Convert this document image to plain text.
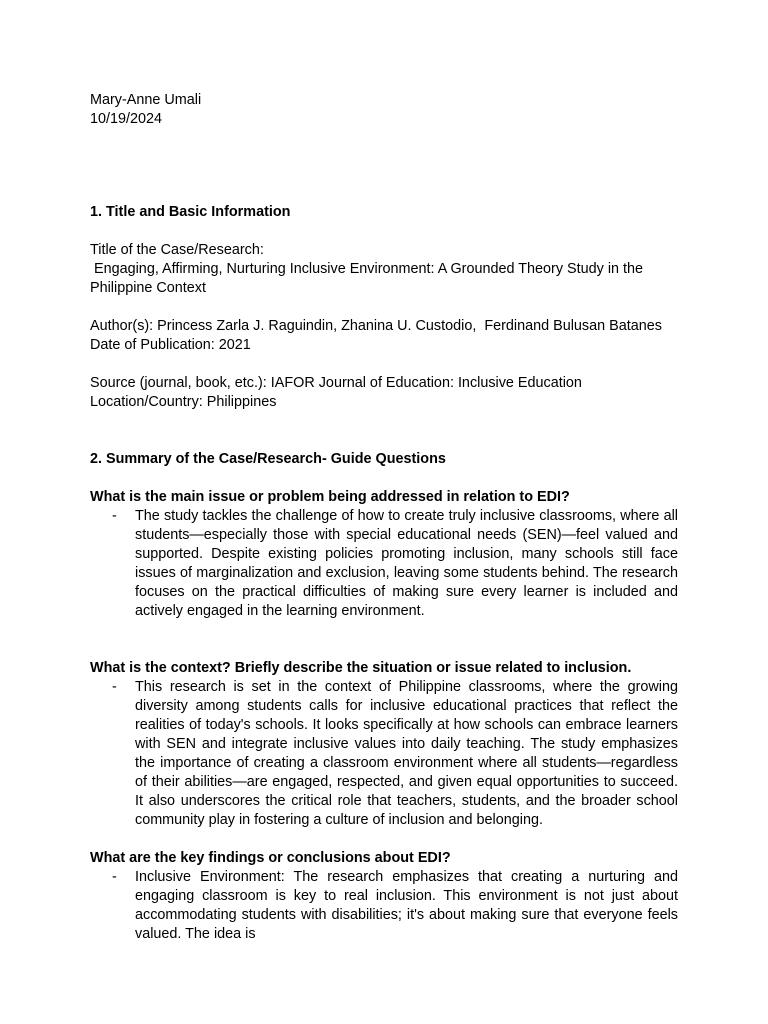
Mary-Anne Umali

10/19/2024

1. Title and Basic Information

Title of the Case/Research:

Engaging, Affirming, Nurturing Inclusive Environment: A Grounded Theory Study in the Philippine Context

Author(s): Princess Zarla J. Raguindin, Zhanina U. Custodio,  Ferdinand Bulusan Batanes

Date of Publication: 2021

Source (journal, book, etc.): IAFOR Journal of Education: Inclusive Education

Location/Country: Philippines

2. Summary of the Case/Research- Guide Questions

What is the main issue or problem being addressed in relation to EDI?

- The study tackles the challenge of how to create truly inclusive classrooms, where all students—especially those with special educational needs (SEN)—feel valued and supported. Despite existing policies promoting inclusion, many schools still face issues of marginalization and exclusion, leaving some students behind. The research focuses on the practical difficulties of making sure every learner is included and actively engaged in the learning environment.

What is the context? Briefly describe the situation or issue related to inclusion.

- This research is set in the context of Philippine classrooms, where the growing diversity among students calls for inclusive educational practices that reflect the realities of today's schools. It looks specifically at how schools can embrace learners with SEN and integrate inclusive values into daily teaching. The study emphasizes the importance of creating a classroom environment where all students—regardless of their abilities—are engaged, respected, and given equal opportunities to succeed. It also underscores the critical role that teachers, students, and the broader school community play in fostering a culture of inclusion and belonging.

What are the key findings or conclusions about EDI?

- Inclusive Environment: The research emphasizes that creating a nurturing and engaging classroom is key to real inclusion. This environment is not just about accommodating students with disabilities; it's about making sure that everyone feels valued. The idea is
